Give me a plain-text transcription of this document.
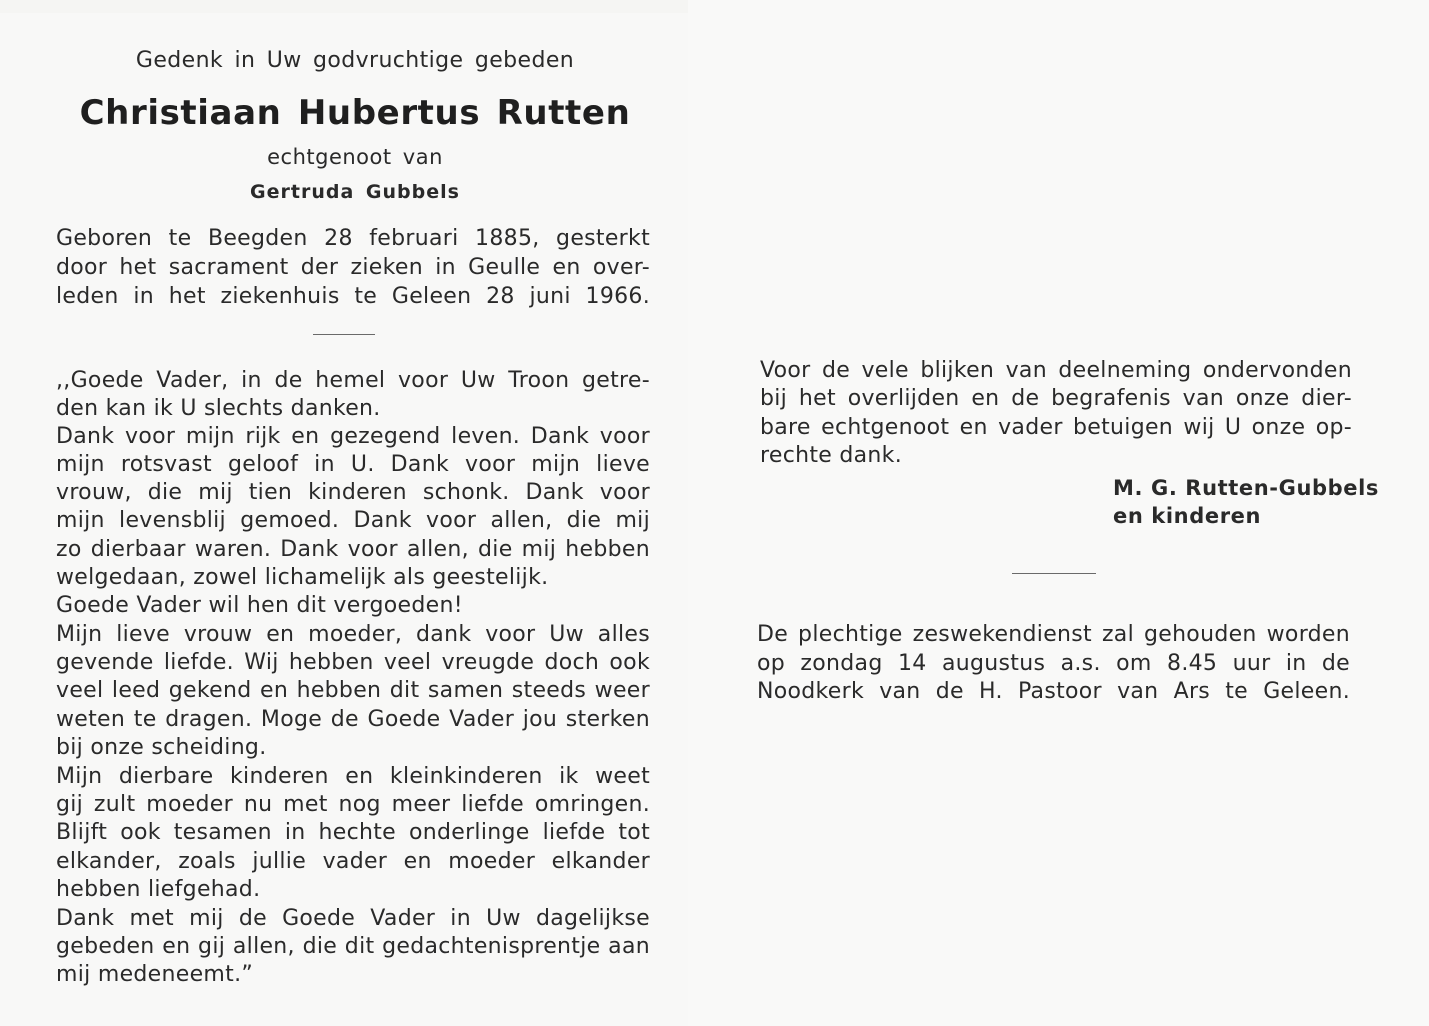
Gedenk in Uw godvruchtige gebeden
Christiaan Hubertus Rutten
echtgenoot van
Gertruda Gubbels
Geboren te Beegden 28 februari 1885, gesterkt
door het sacrament der zieken in Geulle en over-
leden in het ziekenhuis te Geleen 28 juni 1966.
,,Goede Vader, in de hemel voor Uw Troon getre-
den kan ik U slechts danken.
Dank voor mijn rijk en gezegend leven. Dank voor
mijn rotsvast geloof in U. Dank voor mijn lieve
vrouw, die mij tien kinderen schonk. Dank voor
mijn levensblij gemoed. Dank voor allen, die mij
zo dierbaar waren. Dank voor allen, die mij hebben
welgedaan, zowel lichamelijk als geestelijk.
Goede Vader wil hen dit vergoeden!
Mijn lieve vrouw en moeder, dank voor Uw alles
gevende liefde. Wij hebben veel vreugde doch ook
veel leed gekend en hebben dit samen steeds weer
weten te dragen. Moge de Goede Vader jou sterken
bij onze scheiding.
Mijn dierbare kinderen en kleinkinderen ik weet
gij zult moeder nu met nog meer liefde omringen.
Blijft ook tesamen in hechte onderlinge liefde tot
elkander, zoals jullie vader en moeder elkander
hebben liefgehad.
Dank met mij de Goede Vader in Uw dagelijkse
gebeden en gij allen, die dit gedachtenisprentje aan
mij medeneemt.”
Voor de vele blijken van deelneming ondervonden
bij het overlijden en de begrafenis van onze dier-
bare echtgenoot en vader betuigen wij U onze op-
rechte dank.
M. G. Rutten-Gubbels
en kinderen
De plechtige zeswekendienst zal gehouden worden
op zondag 14 augustus a.s. om 8.45 uur in de
Noodkerk van de H. Pastoor van Ars te Geleen.
